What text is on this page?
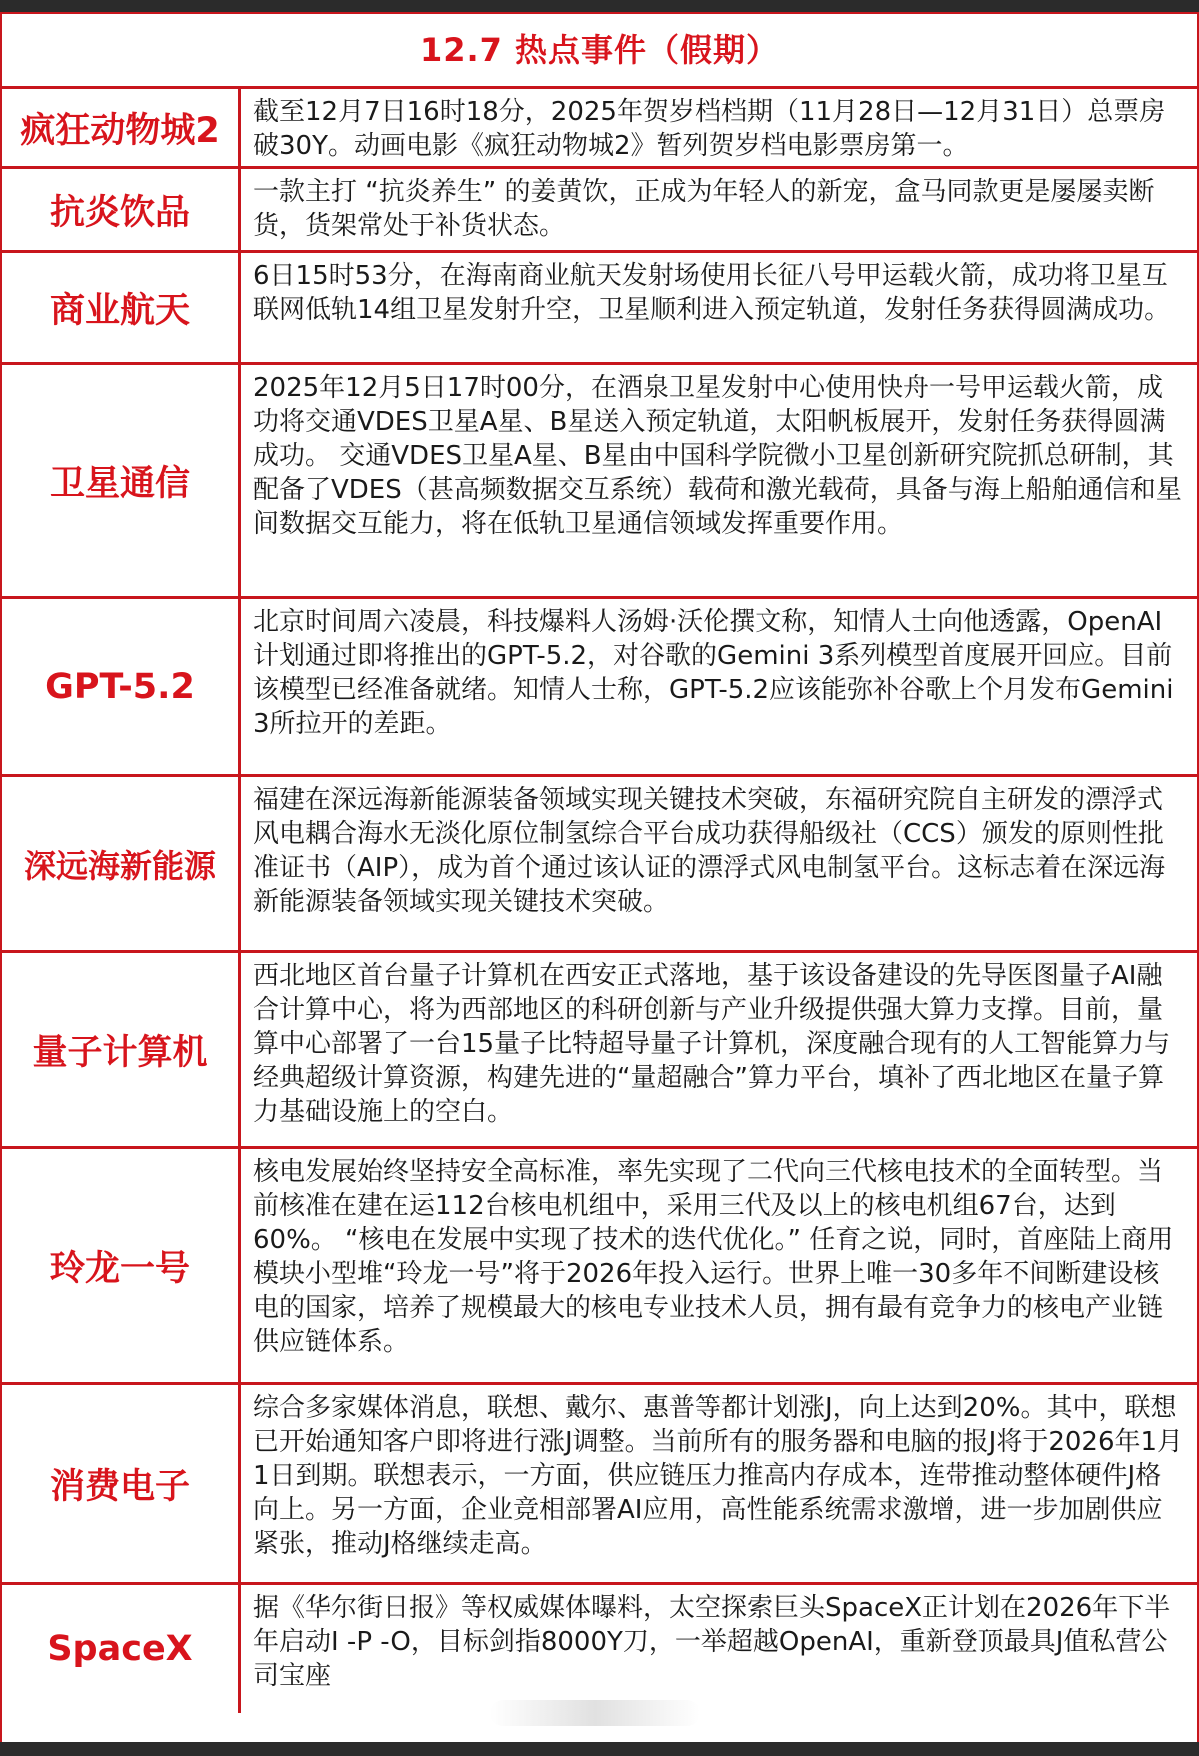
12.7 热点事件（假期）
疯狂动物城2	截至12月7日16时18分，2025年贺岁档档期（11月28日—12月31日）总票房破30Y。动画电影《疯狂动物城2》暂列贺岁档电影票房第一。
抗炎饮品
一款主打 “抗炎养生” 的姜黄饮，正成为年轻人的新宠，盒马同款更是屡屡卖断货，货架常处于补货状态。
商业航天
6日15时53分，在海南商业航天发射场使用长征八号甲运载火箭，成功将卫星互联网低轨14组卫星发射升空，卫星顺利进入预定轨道，发射任务获得圆满成功。
卫星通信
2025年12月5日17时00分，在酒泉卫星发射中心使用快舟一号甲运载火箭，成功将交通VDES卫星A星、B星送入预定轨道，太阳帆板展开，发射任务获得圆满成功。 交通VDES卫星A星、B星由中国科学院微小卫星创新研究院抓总研制，其配备了VDES（甚高频数据交互系统）载荷和激光载荷，具备与海上船舶通信和星间数据交互能力，将在低轨卫星通信领域发挥重要作用。
GPT-5.2
北京时间周六凌晨，科技爆料人汤姆·沃伦撰文称，知情人士向他透露，OpenAI计划通过即将推出的GPT-5.2，对谷歌的Gemini 3系列模型首度展开回应。目前该模型已经准备就绪。知情人士称，GPT-5.2应该能弥补谷歌上个月发布Gemini 3所拉开的差距。
深远海新能源
福建在深远海新能源装备领域实现关键技术突破，东福研究院自主研发的漂浮式风电耦合海水无淡化原位制氢综合平台成功获得船级社（CCS）颁发的原则性批准证书（AIP），成为首个通过该认证的漂浮式风电制氢平台。这标志着在深远海新能源装备领域实现关键技术突破。
量子计算机
西北地区首台量子计算机在西安正式落地，基于该设备建设的先导医图量子AI融合计算中心，将为西部地区的科研创新与产业升级提供强大算力支撑。目前，量算中心部署了一台15量子比特超导量子计算机，深度融合现有的人工智能算力与经典超级计算资源，构建先进的“量超融合”算力平台，填补了西北地区在量子算力基础设施上的空白。
玲龙一号
核电发展始终坚持安全高标准，率先实现了二代向三代核电技术的全面转型。当前核准在建在运112台核电机组中，采用三代及以上的核电机组67台，达到60%。 “核电在发展中实现了技术的迭代优化。” 任育之说，同时，首座陆上商用模块小型堆“玲龙一号”将于2026年投入运行。世界上唯一30多年不间断建设核电的国家，培养了规模最大的核电专业技术人员，拥有最有竞争力的核电产业链供应链体系。
消费电子
综合多家媒体消息，联想、戴尔、惠普等都计划涨J，向上达到20%。其中，联想已开始通知客户即将进行涨J调整。当前所有的服务器和电脑的报J将于2026年1月1日到期。联想表示，一方面，供应链压力推高内存成本，连带推动整体硬件J格向上。另一方面，企业竞相部署AI应用，高性能系统需求激增，进一步加剧供应紧张，推动J格继续走高。
SpaceX
据《华尔街日报》等权威媒体曝料，太空探索巨头SpaceX正计划在2026年下半年启动I -P -O，目标剑指8000Y刀，一举超越OpenAI，重新登顶最具J值私营公司宝座
